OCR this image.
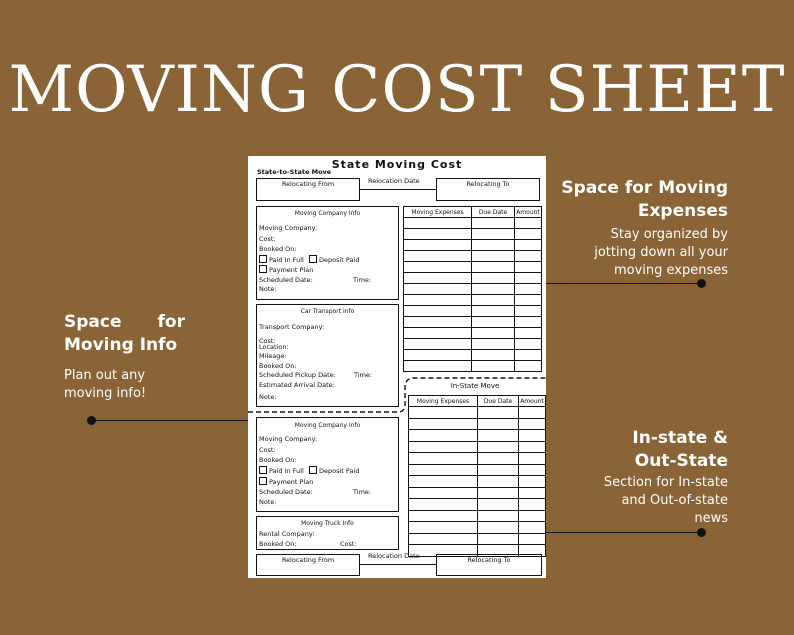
MOVING COST SHEET
Space for Moving
Expenses
Stay organized by
jotting down all your
moving expenses
Space for
Moving Info
Plan out any
moving info!
In-state &
Out-State
Section for In-state
and Out-of-state
news
State Moving Cost
State-to-State Move
Relocating From	Relocation Date	Relocating To
Moving Company Info
Moving Company:
Cost:
Booked On:
Paid In Full	Deposit Paid
Payment Plan
Scheduled Date:	Time:
Note:
Car Transport Info
Transport Company:
Cost:
Location:
Mileage:
Booked On:
Scheduled Pickup Date:	Time:
Estimated Arrival Date:
Note:
Moving Expenses	Due Date	Amount

In-State Move
Moving Expenses	Due Date	Amount

Moving Company Info
Moving Company:
Cost:
Booked On:
Paid In Full	Deposit Paid
Payment Plan
Scheduled Date:	Time:
Note:
Moving Truck Info
Rental Company:
Booked On:	Cost:
Relocating From	Relocation Date	Relocating To
